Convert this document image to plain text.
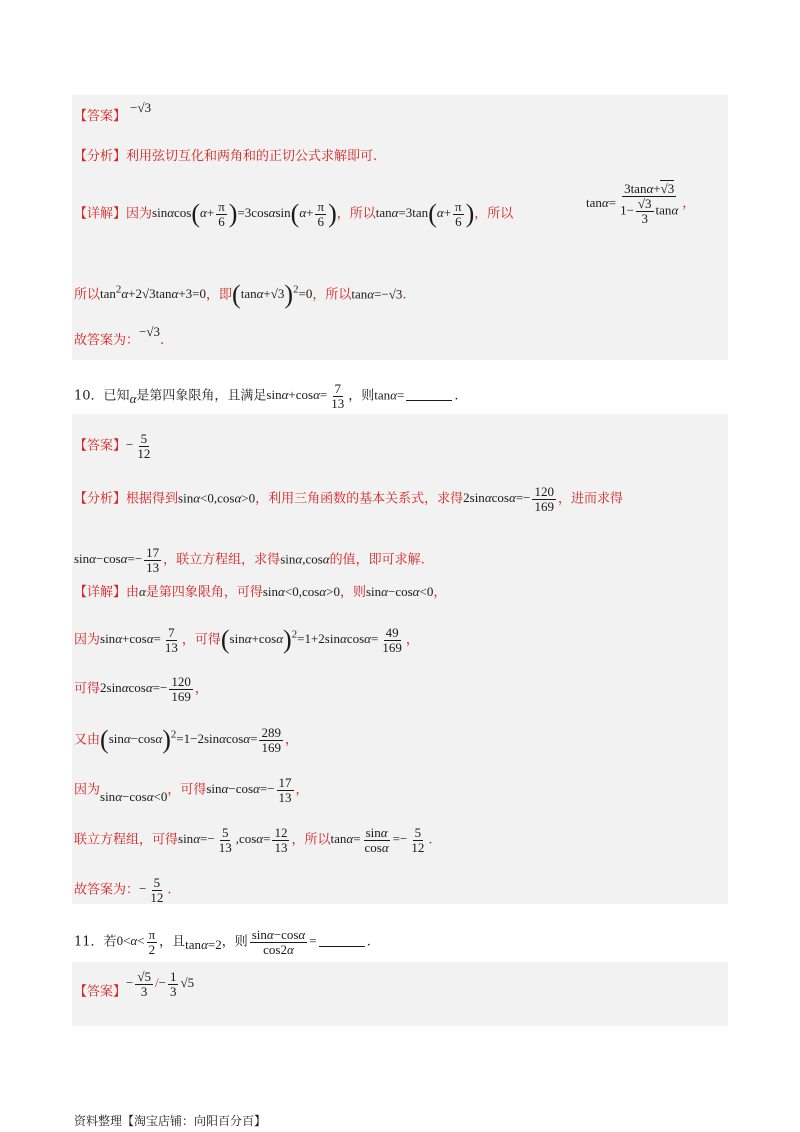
【答案】 −√3
【分析】利用弦切互化和两角和的正切公式求解即可.
【详解】因为$\sin\alpha\cos(\alpha+ \frac{\pi}{6} )=3\cos\alpha\sin(\alpha+ \frac{\pi}{6}$ )，所以$\tan\alpha=3\tan(\alpha+ \frac{\pi}{6}$ )，所以
$\tan\alpha= \frac{3\tan\alpha+√3}{1- \frac{√3}{3} \tan\alpha}$ ，
所以$\tan^2\alpha+2√3\tan\alpha+3=0$，即$(\tan\alpha+√3)^2=0$，所以tanα=−√3.
故答案为：−√3.
10．已知α是第四象限角，且满足$\sin\alpha+\cos\alpha= \frac{7}{13}$ ，则tanα=	.
【答案】− $\frac{5}{12}$
【分析】根据得到sinα<0,cosα>0，利用三角函数的基本关系式，求得$2\sin\alpha\cos\alpha=- \frac{120}{169}$ ，进而求得
$\sin\alpha-\cos\alpha=- \frac{17}{13}$ ，联立方程组，求得sinα,cosα的值，即可求解.
【详解】由α是第四象限角，可得sinα<0,cosα>0，则sinα−cosα<0，
因为$\sin\alpha+\cos\alpha= \frac{7}{13}$ ，可得$(\sin\alpha+\cos\alpha)^2=1+2\sin\alpha\cos\alpha= \frac{49}{169}$ ，
可得$2\sin\alpha\cos\alpha=- \frac{120}{169}$ ，
又由$(\sin\alpha-\cos\alpha)^2=1-2\sin\alpha\cos\alpha= \frac{289}{169}$ ，
因为sinα−cosα<0，可得$\sin\alpha-\cos\alpha=- \frac{17}{13}$ ，
联立方程组，可得$\sin\alpha=- \frac{5}{13} ,\cos\alpha= \frac{12}{13}$ ，所以$\tan\alpha= \frac{\sin\alpha}{\cos\alpha} =- \frac{5}{12}$ .
故答案为：− $\frac{5}{12}$ .
11．若$0<\alpha< \frac{\pi}{2}$ ，且tanα=2，则 $\frac{\sin\alpha-\cos\alpha}{\cos 2\alpha}$ =	.
【答案】− $\frac{√5}{3} /- \frac{1}{3} √5$
资料整理【淘宝店铺：向阳百分百】
